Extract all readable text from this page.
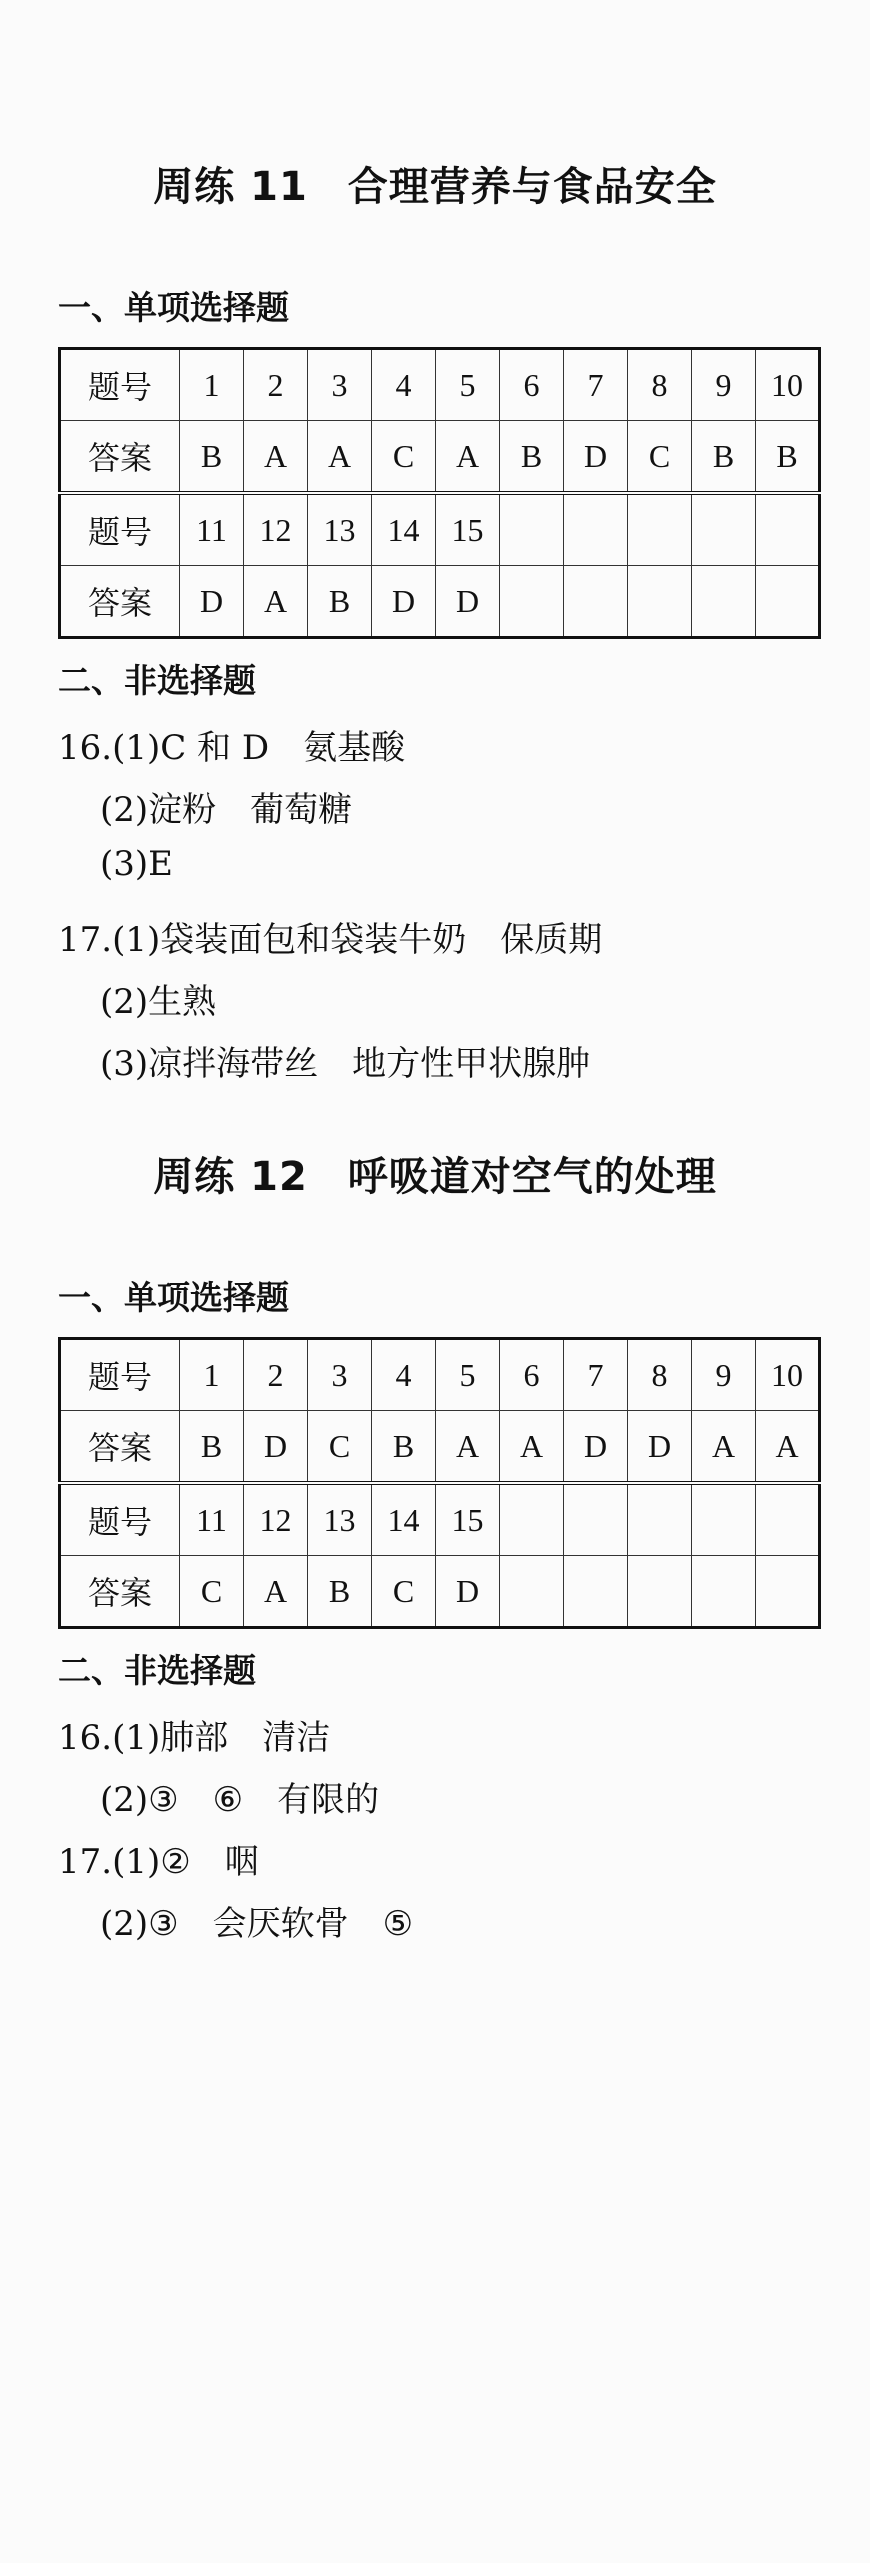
周练 11 合理营养与食品安全
一、单项选择题
题号	1	2	3	4	5	6	7	8	9	10
答案	B	A	A	C	A	B	D	C	B	B
题号	11	12	13	14	15					
答案	D	A	B	D	D					
二、非选择题
16.(1)C 和 D 氨基酸
(2)淀粉 葡萄糖
(3)E
17.(1)袋装面包和袋装牛奶 保质期
(2)生熟
(3)凉拌海带丝 地方性甲状腺肿
周练 12 呼吸道对空气的处理
一、单项选择题
题号	1	2	3	4	5	6	7	8	9	10
答案	B	D	C	B	A	A	D	D	A	A
题号	11	12	13	14	15					
答案	C	A	B	C	D					
二、非选择题
16.(1)肺部 清洁
(2)③ ⑥ 有限的
17.(1)② 咽
(2)③ 会厌软骨 ⑤
